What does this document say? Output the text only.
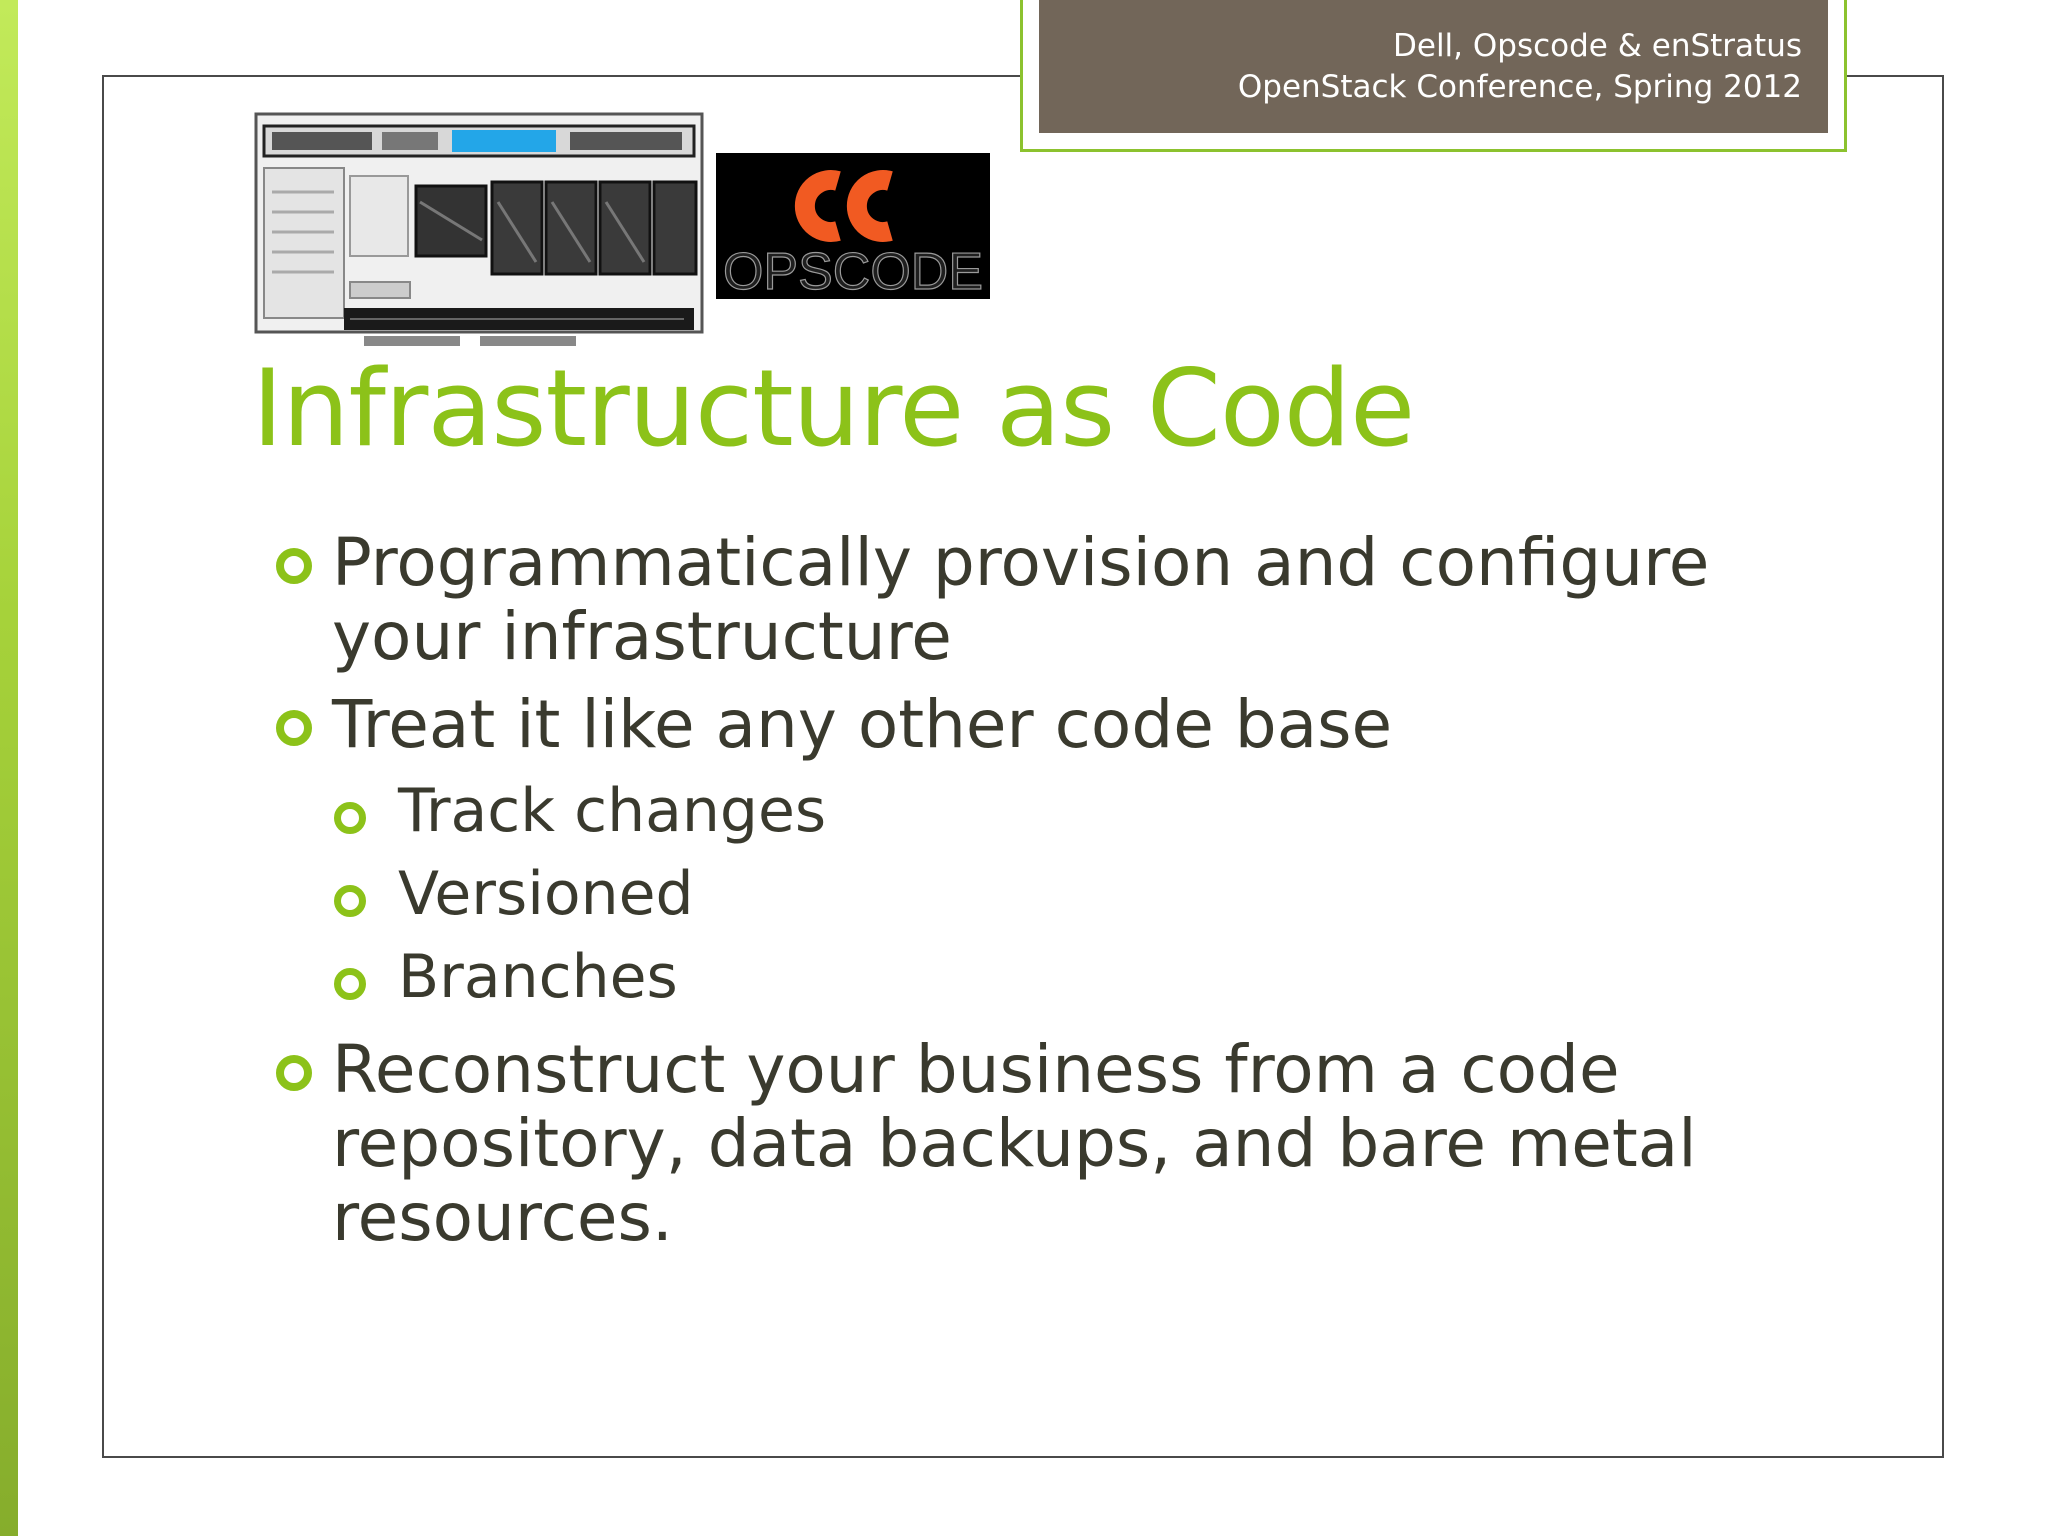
Dell, Opscode & enStratus
OpenStack Conference, Spring 2012
OPSCODE
Infrastructure as Code
Programmatically provision and configure your infrastructure
Treat it like any other code base
Track changes
Versioned
Branches
Reconstruct your business from a code repository, data backups, and bare metal resources.
